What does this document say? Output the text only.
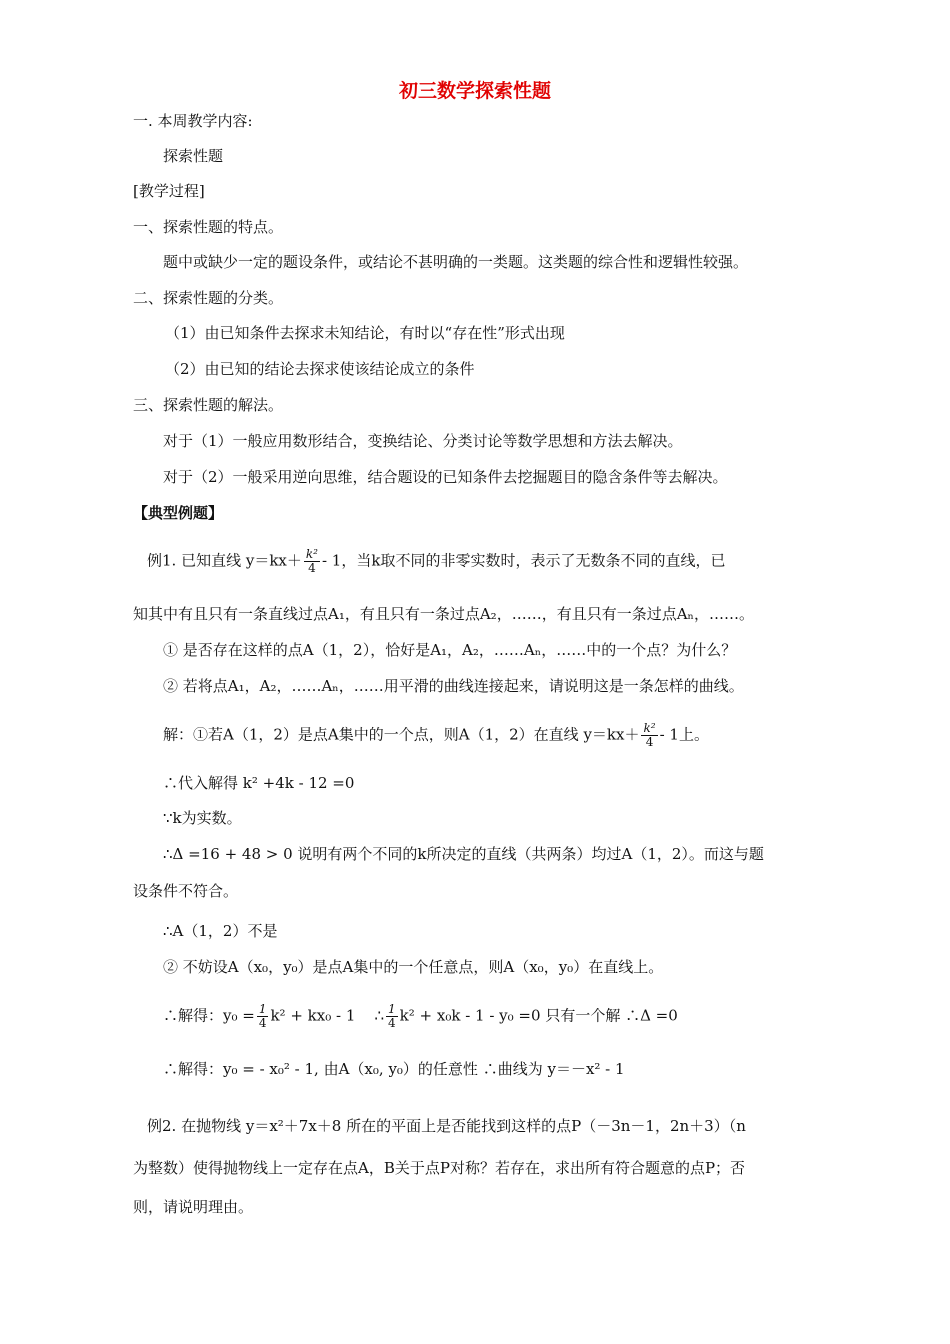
初三数学探索性题
一. 本周教学内容:
探索性题
[教学过程]
一、探索性题的特点。
题中或缺少一定的题设条件，或结论不甚明确的一类题。这类题的综合性和逻辑性较强。
二、探索性题的分类。
（1）由已知条件去探求未知结论，有时以“存在性”形式出现
（2）由已知的结论去探求使该结论成立的条件
三、探索性题的解法。
对于（1）一般应用数形结合，变换结论、分类讨论等数学思想和方法去解决。
对于（2）一般采用逆向思维，结合题设的已知条件去挖掘题目的隐含条件等去解决。
【典型例题】
例1. 已知直线 $y=kx+ \frac{\text{k²}}{4} - 1$，当k取不同的非零实数时，表示了无数条不同的直线，已
知其中有且只有一条直线过点A₁，有且只有一条过点A₂，……，有且只有一条过点Aₙ，……。
① 是否存在这样的点A（1，2），恰好是A₁，A₂，……Aₙ，……中的一个点？为什么？
② 若将点A₁，A₂，……Aₙ，……用平滑的曲线连接起来，请说明这是一条怎样的曲线。
解：①若A（1，2）是点A集中的一个点，则A（1，2）在直线 $y=kx+ \frac{\text{k²}}{4} - 1$上。
∴代入解得 k² +4k - 12 =0
∵k为实数。
∴Δ =16 + 48 > 0 说明有两个不同的k所决定的直线（共两条）均过A（1，2）。而这与题
设条件不符合。
∴A（1，2）不是
② 不妨设A（x₀，y₀）是点A集中的一个任意点，则A（x₀，y₀）在直线上。
∴解得：$y_0 = \frac{1}{4} k^2 + kx_0 - 1$ ∴ $\frac{1}{4} k^2 + x_0k - 1 - y_0 =0$ 只有一个解 ∴Δ =0
∴解得：y₀ = - x₀² - 1, 由A（x₀, y₀）的任意性 ∴曲线为 y＝－x² - 1
例2. 在抛物线 y＝x²＋7x＋8 所在的平面上是否能找到这样的点P（－3n－1，2n＋3）（n
为整数）使得抛物线上一定存在点A，B关于点P对称？若存在，求出所有符合题意的点P；否
则，请说明理由。
